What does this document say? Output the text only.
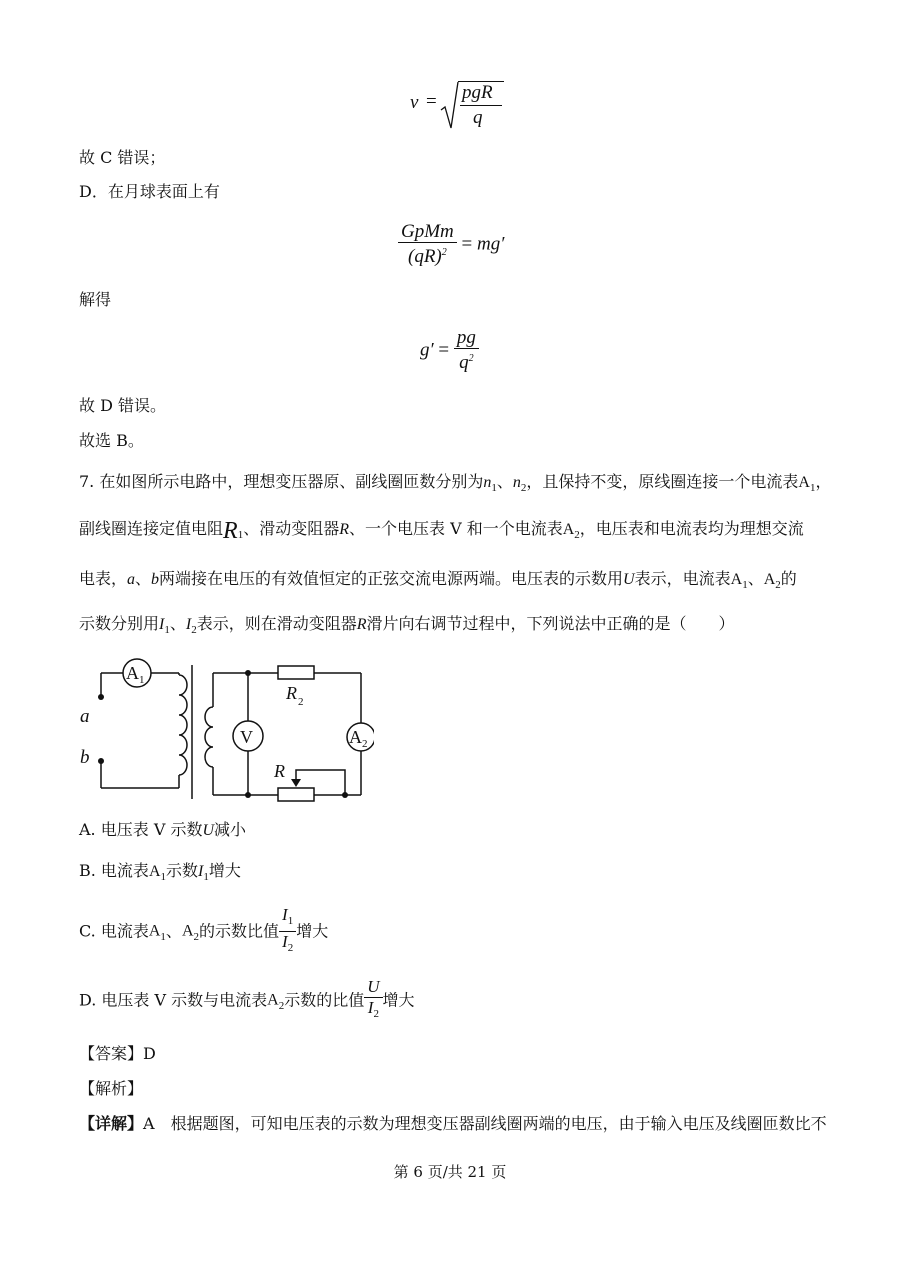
v = pgR
q
故 C 错误；
D．在月球表面上有
$\frac{\text{GpMm}}{(qR)^2} = mg'$
解得
$g' = \frac{pg}{q^2}$
故 D 错误。
故选 B。
7. 在如图所示电路中，理想变压器原、副线圈匝数分别为$n_1$、$n_2$，且保持不变，原线圈连接一个电流表$A_1$，
副线圈连接定值电阻$R_1$、滑动变阻器R、一个电压表 V 和一个电流表$A_2$，电压表和电流表均为理想交流
电表，a、b两端接在电压的有效值恒定的正弦交流电源两端。电压表的示数用U表示，电流表$A_1$、$A_2$的
示数分别用$I_1$、$I_2$表示，则在滑动变阻器R滑片向右调节过程中，下列说法中正确的是（　　）
A 1
V	A 2
R 2
R
a
b
A. 电压表 V 示数U减小
B. 电流表$A_1$示数$I_1$增大
C. 电流表$A_1$、$A_2$的示数比值 $\frac{I_1}{I_2}$ 增大
D. 电压表 V 示数与电流表$A_2$示数的比值 $\frac{U}{I_2}$ 增大
【答案】D
【解析】
【详解】A　根据题图，可知电压表的示数为理想变压器副线圈两端的电压，由于输入电压及线圈匝数比不
第 6 页/共 21 页
